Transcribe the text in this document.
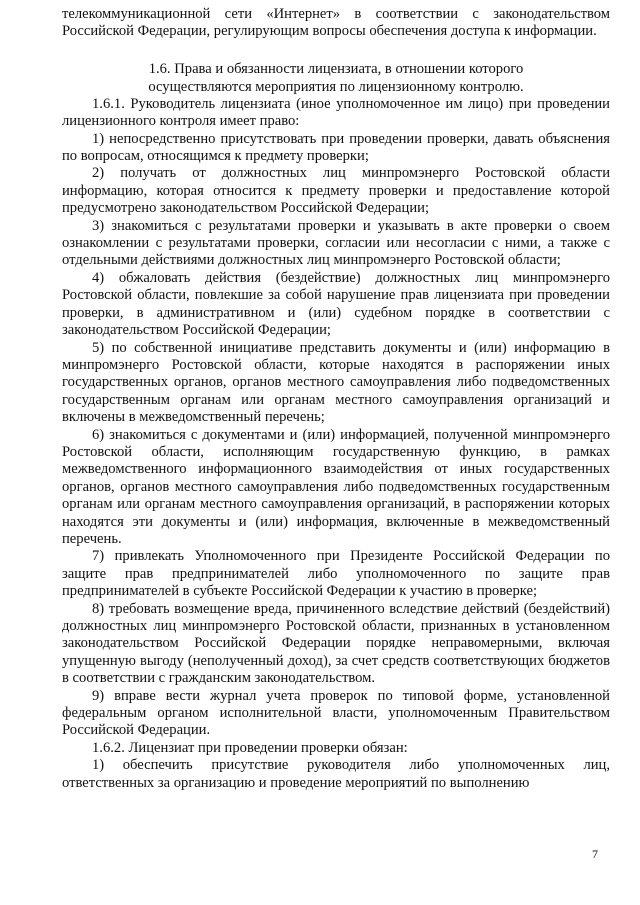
телекоммуникационной сети «Интернет» в соответствии с законодательством Российской Федерации, регулирующим вопросы обеспечения доступа к информации.

1.6. Права и обязанности лицензиата, в отношении которого
осуществляются мероприятия по лицензионному контролю.

1.6.1. Руководитель лицензиата (иное уполномоченное им лицо) при проведении лицензионного контроля имеет право:

1) непосредственно присутствовать при проведении проверки, давать объяснения по вопросам, относящимся к предмету проверки;

2) получать от должностных лиц минпромэнерго Ростовской области информацию, которая относится к предмету проверки и предоставление которой предусмотрено законодательством Российской Федерации;

3) знакомиться с результатами проверки и указывать в акте проверки о своем ознакомлении с результатами проверки, согласии или несогласии с ними, а также с отдельными действиями должностных лиц минпромэнерго Ростовской области;

4) обжаловать действия (бездействие) должностных лиц минпромэнерго Ростовской области, повлекшие за собой нарушение прав лицензиата при проведении проверки, в административном и (или) судебном порядке в соответствии с законодательством Российской Федерации;

5) по собственной инициативе представить документы и (или) информацию в минпромэнерго Ростовской области, которые находятся в распоряжении иных государственных органов, органов местного самоуправления либо подведомственных государственным органам или органам местного самоуправления организаций и включены в межведомственный перечень;

6) знакомиться с документами и (или) информацией, полученной минпромэнерго Ростовской области, исполняющим государственную функцию, в рамках межведомственного информационного взаимодействия от иных государственных органов, органов местного самоуправления либо подведомственных государственным органам или органам местного самоуправления организаций, в распоряжении которых находятся эти документы и (или) информация, включенные в межведомственный перечень.

7) привлекать Уполномоченного при Президенте Российской Федерации по защите прав предпринимателей либо уполномоченного по защите прав предпринимателей в субъекте Российской Федерации к участию в проверке;

8) требовать возмещение вреда, причиненного вследствие действий (бездействий) должностных лиц минпромэнерго Ростовской области, признанных в установленном законодательством Российской Федерации порядке неправомерными, включая упущенную выгоду (неполученный доход), за счет средств соответствующих бюджетов в соответствии с гражданским законодательством.

9) вправе вести журнал учета проверок по типовой форме, установленной федеральным органом исполнительной власти, уполномоченным Правительством Российской Федерации.

1.6.2. Лицензиат при проведении проверки обязан:

1) обеспечить присутствие руководителя либо уполномоченных лиц, ответственных за организацию и проведение мероприятий по выполнению

7
